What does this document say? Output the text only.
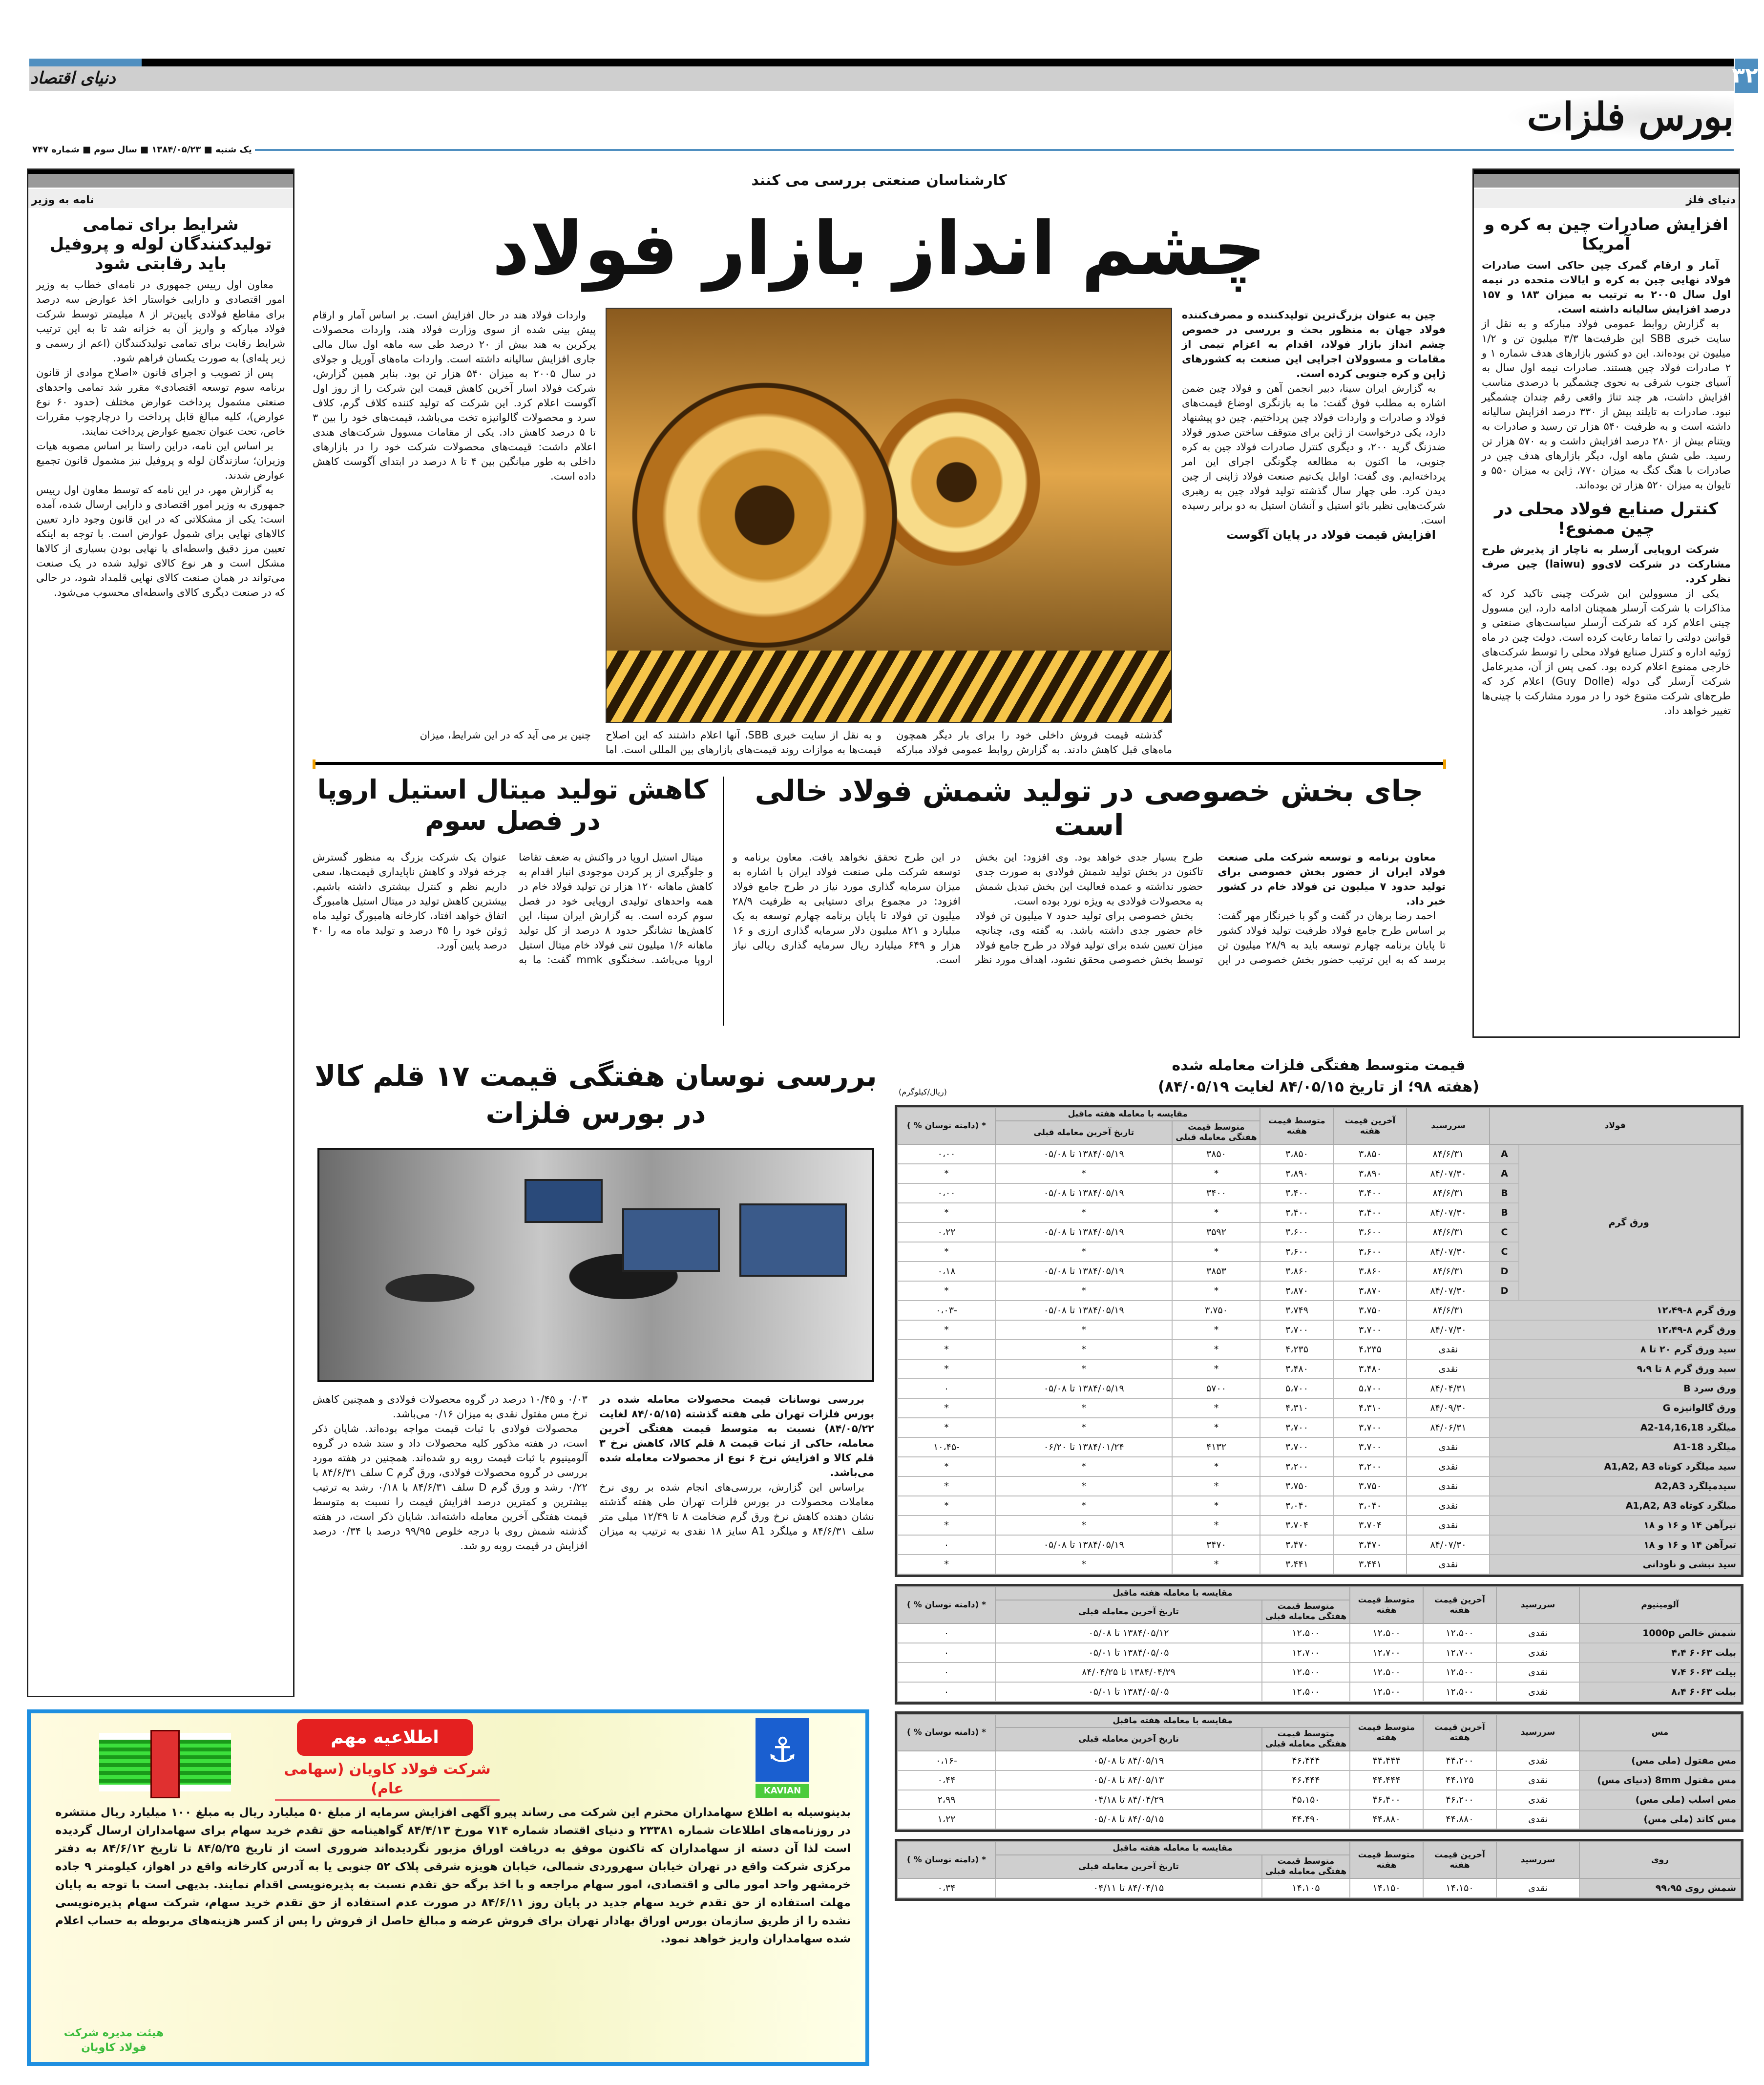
۳۲
دنیای اقتصاد
بورس فلزات
یک شنبه ■ ۱۳۸۴/۰۵/۲۳ ■ سال سوم ■ شماره ۷۴۷
دنیای فلز
افزایش صادرات چین به کره و آمریکا

آمار و ارقام گمرک چین حاکی است صادرات فولاد نهایی چین به کره و ایالات متحده در نیمه اول سال ۲۰۰۵ به ترتیب به میزان ۱۸۳ و ۱۵۷ درصد افزایش سالیانه داشته است.

به گزارش روابط عمومی فولاد مبارکه و به نقل از سایت خبری SBB این ظرفیت‌ها ۳/۳ میلیون تن و ۱/۲ میلیون تن بوده‌اند. این دو کشور بازارهای هدف شماره ۱ و ۲ صادرات فولاد چین هستند. صادرات نیمه اول سال به آسیای جنوب شرقی به نحوی چشمگیر با درصدی مناسب افزایش داشت، هر چند تناژ واقعی رقم چندان چشمگیر نبود. صادرات به تایلند بیش از ۳۳۰ درصد افزایش سالیانه داشته است و به ظرفیت ۵۴۰ هزار تن رسید و صادرات به ویتنام بیش از ۲۸۰ درصد افزایش داشت و به ۵۷۰ هزار تن رسید. طی شش ماهه اول، دیگر بازارهای هدف چین در صادرات با هنگ کنگ به میزان ۷۷۰، ژاپن به میزان ۵۵۰ و تایوان به میزان ۵۲۰ هزار تن بوده‌اند.

کنترل صنایع فولاد محلی در چین ممنوع!

شرکت اروپایی آرسلر به ناچار از پذیرش طرح مشارکت در شرکت لای‌وو (laiwu) چین صرف نظر کرد.

یکی از مسوولین این شرکت چینی تاکید کرد که مذاکرات با شرکت آرسلر همچنان ادامه دارد، این مسوول چینی اعلام کرد که شرکت آرسلر سیاست‌های صنعتی و قوانین دولتی را تماما رعایت کرده است. دولت چین در ماه ژوئیه اداره و کنترل صنایع فولاد محلی را توسط شرکت‌های خارجی ممنوع اعلام کرده بود. کمی پس از آن، مدیرعامل شرکت آرسلر گی دوله (Guy Dolle) اعلام کرد که طرح‌های شرکت متنوع خود را در مورد مشارکت با چینی‌ها تغییر خواهد داد.

نامه به وزیر
شرایط برای تمامی تولیدکنندگان لوله و پروفیل باید رقابتی شود

معاون اول رییس جمهوری در نامه‌ای خطاب به وزیر امور اقتصادی و دارایی خواستار اخذ عوارض سه درصد برای مقاطع فولادی پایین‌تر از ۸ میلیمتر توسط شرکت فولاد مبارکه و واریز آن به خزانه شد تا به این ترتیب شرایط رقابت برای تمامی تولیدکنندگان (اعم از رسمی و زیر پله‌ای) به صورت یکسان فراهم شود.

پس از تصویب و اجرای قانون «اصلاح موادی از قانون برنامه سوم توسعه اقتصادی» مقرر شد تمامی واحدهای صنعتی مشمول پرداخت عوارض مختلف (حدود ۶۰ نوع عوارض)، کلیه مبالغ قابل پرداخت را درچارچوب مقررات خاص، تحت عنوان تجمیع عوارض پرداخت نمایند.

بر اساس این نامه، دراین راستا بر اساس مصوبه هیات وزیران؛ سازندگان لوله و پروفیل نیز مشمول قانون تجمیع عوارض شدند.

به گزارش مهر، در این نامه که توسط معاون اول رییس جمهوری به وزیر امور اقتصادی و دارایی ارسال شده، آمده است: یکی از مشکلاتی که در این قانون وجود دارد تعیین کالاهای نهایی برای شمول عوارض است. با توجه به اینکه تعیین مرز دقیق واسطه‌ای یا نهایی بودن بسیاری از کالاها مشکل است و هر نوع کالای تولید شده در یک صنعت می‌تواند در همان صنعت کالای نهایی قلمداد شود، در حالی که در صنعت دیگری کالای واسطه‌ای محسوب می‌شود.

کارشناسان صنعتی بررسی می کنند
چشم انداز بازار فولاد

چین به عنوان بزرگ‌ترین تولیدکننده و مصرف‌کننده فولاد جهان به منظور بحث و بررسی در خصوص چشم انداز بازار فولاد، اقدام به اعزام تیمی از مقامات و مسوولان اجرایی این صنعت به کشورهای ژاپن و کره جنوبی کرده است.

به گزارش ایران سینا، دبیر انجمن آهن و فولاد چین ضمن اشاره به مطلب فوق گفت: ما به بازنگری اوضاع قیمت‌های فولاد و صادرات و واردات فولاد چین پرداختیم. چین دو پیشنهاد دارد، یکی درخواست از ژاپن برای متوقف ساختن صدور فولاد ضدزنگ گرید ۲۰۰، و دیگری کنترل صادرات فولاد چین به کره جنوبی، ما اکنون به مطالعه چگونگی اجرای این امر پرداخته‌ایم. وی گفت: اوایل یک‌تیم صنعت فولاد ژاپنی از چین دیدن کرد. طی چهار سال گذشته تولید فولاد چین به رهبری شرکت‌هایی نظیر بائو استیل و آنشان استیل به دو برابر رسیده است.

افزایش قیمت فولاد در پایان آگوست

واردات فولاد هند در حال افزایش است. بر اساس آمار و ارقام پیش بینی شده از سوی وزارت فولاد هند، واردات محصولات پرکربن به هند بیش از ۲۰ درصد طی سه ماهه اول سال مالی جاری افزایش سالیانه داشته است. واردات ماه‌های آوریل و جولای در سال ۲۰۰۵ به میزان ۵۴۰ هزار تن بود. بنابر همین گزارش، شرکت فولاد اسار آخرین کاهش قیمت این شرکت را از روز اول آگوست اعلام کرد. این شرکت که تولید کننده کلاف گرم، کلاف سرد و محصولات گالوانیزه تخت می‌باشد، قیمت‌های خود را بین ۳ تا ۵ درصد کاهش داد. یکی از مقامات مسوول شرکت‌های هندی اعلام داشت: قیمت‌های محصولات شرکت خود را در بازارهای داخلی به طور میانگین بین ۴ تا ۸ درصد در ابتدای آگوست کاهش داده است.

گذشته قیمت فروش داخلی خود را برای بار دیگر همچون ماه‌های قبل کاهش دادند. به گزارش روابط عمومی فولاد مبارکه و به نقل از سایت خبری SBB، آنها اعلام داشتند که این اصلاح قیمت‌ها به موازات روند قیمت‌های بازارهای بین المللی است. اما چنین بر می آید که در این شرایط، میزان

جای بخش خصوصی در تولید شمش فولاد خالی است

معاون برنامه و توسعه شرکت ملی صنعت فولاد ایران از حضور بخش خصوصی برای تولید حدود ۷ میلیون تن فولاد خام در کشور خبر داد.

احمد رضا برهان در گفت و گو با خبرنگار مهر گفت: بر اساس طرح جامع فولاد ظرفیت تولید فولاد کشور تا پایان برنامه چهارم توسعه باید به ۲۸/۹ میلیون تن برسد که به این ترتیب حضور بخش خصوصی در این طرح بسیار جدی خواهد بود. وی افزود: این بخش تاکنون در بخش تولید شمش فولادی به صورت جدی حضور نداشته و عمده فعالیت این بخش تبدیل شمش به محصولات فولادی به ویژه نورد بوده است.

بخش خصوصی برای تولید حدود ۷ میلیون تن فولاد خام حضور جدی داشته باشد. به گفته وی، چنانچه میزان تعیین شده برای تولید فولاد در طرح جامع فولاد توسط بخش خصوصی محقق نشود، اهداف مورد نظر در این طرح تحقق نخواهد یافت. معاون برنامه و توسعه شرکت ملی صنعت فولاد ایران با اشاره به میزان سرمایه گذاری مورد نیاز در طرح جامع فولاد افزود: در مجموع برای دستیابی به ظرفیت ۲۸/۹ میلیون تن فولاد تا پایان برنامه چهارم توسعه به یک میلیارد و ۸۲۱ میلیون دلار سرمایه گذاری ارزی و ۱۶ هزار و ۶۴۹ میلیارد ریال سرمایه گذاری ریالی نیاز است.

کاهش تولید میتال استیل اروپا در فصل سوم

میتال استیل اروپا در واکنش به ضعف تقاضا و جلوگیری از پر کردن موجودی انبار اقدام به کاهش ماهانه ۱۲۰ هزار تن تولید فولاد خام در همه واحدهای تولیدی اروپایی خود در فصل سوم کرده است. به گزارش ایران سینا، این کاهش‌ها تشانگر حدود ۸ درصد از کل تولید ماهانه ۱/۶ میلیون تنی فولاد خام میتال استیل اروپا می‌باشد. سخنگوی mmk گفت: ما به عنوان یک شرکت بزرگ به منظور گسترش چرخه فولاد و کاهش ناپایداری قیمت‌ها، سعی داریم نظم و کنترل بیشتری داشته باشیم. بیشترین کاهش تولید در میتال استیل هامبورگ اتفاق خواهد افتاد، کارخانه هامبورگ تولید ماه ژوئن خود را ۴۵ درصد و تولید ماه مه را ۴۰ درصد پایین آورد.

بررسی نوسان هفتگی قیمت ۱۷ قلم کالا در بورس فلزات

بررسی نوسانات قیمت محصولات معامله شده در بورس فلزات تهران طی هفته گذشته (۸۴/۰۵/۱۵ لغایت ۸۴/۰۵/۲۲) نسبت به متوسط قیمت هفتگی آخرین معامله، حاکی از ثبات قیمت ۸ قلم کالا، کاهش نرخ ۳ قلم کالا و افزایش نرخ ۶ نوع از محصولات معامله شده می‌باشد.

براساس این گزارش، بررسی‌های انجام شده بر روی نرخ معاملات محصولات در بورس فلزات تهران طی هفته گذشته نشان دهنده کاهش نرخ ورق گرم ضخامت ۸ تا ۱۲/۴۹ میلی متر سلف ۸۴/۶/۳۱ و میلگرد A1 سایز ۱۸ نقدی به ترتیب به میزان ۰/۰۳ و ۱۰/۴۵ درصد در گروه محصولات فولادی و همچنین کاهش نرخ مس مفتول نقدی به میزان ۰/۱۶ می‌باشد.

محصولات فولادی با ثبات قیمت مواجه بوده‌اند. شایان ذکر است، در هفته مذکور کلیه محصولات داد و ستد شده در گروه آلومینیوم با ثبات قیمت روبه رو شده‌اند. همچنین در هفته مورد بررسی در گروه محصولات فولادی، ورق گرم C سلف ۸۴/۶/۳۱ با ۰/۲۲ رشد و ورق گرم D سلف ۸۴/۶/۳۱ با ۰/۱۸ رشد به ترتیب بیشترین و کمترین درصد افزایش قیمت را نسبت به متوسط قیمت هفتگی آخرین معامله داشته‌اند. شایان ذکر است، در هفته گذشته شمش روی با درجه خلوص ۹۹/۹۵ درصد با ۰/۳۴ درصد افزایش در قیمت روبه رو شد.

قیمت متوسط هفتگی فلزات معامله شده
(هفته ۹۸؛ از تاریخ ۸۴/۰۵/۱۵ لغایت ۸۴/۰۵/۱۹)
(ریال/کیلوگرم)
فولاد		سررسید	آخرین قیمت هفته	متوسط قیمت هفته	مقایسه با معامله هفته ماقبل		* (دامنه نوسان % )
					متوسط قیمت هفتگی معامله قبلی	تاریخ آخرین معامله قبلی	
ورق گرم	A	۸۴/۶/۳۱	۳،۸۵۰	۳،۸۵۰	۳۸۵۰	۱۳۸۴/۰۵/۱۹ تا ۰۵/۰۸	۰،۰۰
	A	۸۴/۰۷/۳۰	۳،۸۹۰	۳،۸۹۰	*	*	*
	B	۸۴/۶/۳۱	۳،۴۰۰	۳،۴۰۰	۳۴۰۰	۱۳۸۴/۰۵/۱۹ تا ۰۵/۰۸	۰،۰۰
	B	۸۴/۰۷/۳۰	۳،۴۰۰	۳،۴۰۰	*	*	*
	C	۸۴/۶/۳۱	۳،۶۰۰	۳،۶۰۰	۳۵۹۲	۱۳۸۴/۰۵/۱۹ تا ۰۵/۰۸	۰،۲۲
	C	۸۴/۰۷/۳۰	۳،۶۰۰	۳،۶۰۰	*	*	*
	D	۸۴/۶/۳۱	۳،۸۶۰	۳،۸۶۰	۳۸۵۳	۱۳۸۴/۰۵/۱۹ تا ۰۵/۰۸	۰،۱۸
	D	۸۴/۰۷/۳۰	۳،۸۷۰	۳،۸۷۰	*	*	*
ورق گرم ۸-۱۲،۴۹		۸۴/۶/۳۱	۳،۷۵۰	۳،۷۴۹	۳،۷۵۰	۱۳۸۴/۰۵/۱۹ تا ۰۵/۰۸	-۰،۰۳
ورق گرم ۸-۱۲،۴۹		۸۴/۰۷/۳۰	۳،۷۰۰	۳،۷۰۰	*	*	*
سید ورق گرم ۲۰ تا ۸		نقدی	۴،۲۳۵	۴،۲۳۵	*	*	*
سید ورق گرم ۸ تا ۹،۹		نقدی	۳،۴۸۰	۳،۴۸۰	*	*	*
ورق سرد B		۸۴/۰۴/۳۱	۵،۷۰۰	۵،۷۰۰	۵۷۰۰	۱۳۸۴/۰۵/۱۹ تا ۰۵/۰۸	۰
ورق گالوانیزه G		۸۴/۰۹/۳۰	۴،۳۱۰	۴،۳۱۰	*	*	*
میلگرد A2-14,16,18		۸۴/۰۶/۳۱	۳،۷۰۰	۳،۷۰۰	*	*	*
میلگرد A1-18		نقدی	۳،۷۰۰	۳،۷۰۰	۴۱۳۲	۱۳۸۴/۰۱/۲۴ تا ۰۶/۲۰	-۱۰،۴۵
سید میلگرد کوتاه A1,A2, A3		نقدی	۳،۲۰۰	۳،۲۰۰	*	*	*
سیدمیلگرد A2,A3		نقدی	۳،۷۵۰	۳،۷۵۰	*	*	*
میلگرد کوتاه A1,A2, A3		نقدی	۳،۰۴۰	۳،۰۴۰	*	*	*
تیرآهن ۱۴ و ۱۶ و ۱۸		نقدی	۳،۷۰۴	۳،۷۰۴	*	*	*
تیرآهن ۱۴ و ۱۶ و ۱۸		۸۴/۰۷/۳۰	۳،۴۷۰	۳،۴۷۰	۳۴۷۰	۱۳۸۴/۰۵/۱۹ تا ۰۵/۰۸	۰
سید نبشی و ناودانی		نقدی	۳،۴۴۱	۳،۴۴۱	*	*	*
آلومینیوم	سررسید	آخرین قیمت هفته	متوسط قیمت هفته	مقایسه با معامله هفته ماقبل		* (دامنه نوسان % )
				متوسط قیمت هفتگی معامله قبلی	تاریخ آخرین معامله قبلی	
شمش خالص 1000p	نقدی	۱۲،۵۰۰	۱۲،۵۰۰	۱۲،۵۰۰	۱۳۸۴/۰۵/۱۲ تا ۰۵/۰۸	۰
بیلت ۶۰۶۳ ۴،۴	نقدی	۱۲،۷۰۰	۱۲،۷۰۰	۱۲،۷۰۰	۱۳۸۴/۰۵/۰۵ تا ۰۵/۰۱	۰
بیلت ۶۰۶۳ ۷،۴	نقدی	۱۲،۵۰۰	۱۲،۵۰۰	۱۲،۵۰۰	۱۳۸۴/۰۴/۲۹ تا ۸۴/۰۴/۲۵	۰
بیلت ۶۰۶۳ ۸،۴	نقدی	۱۲،۵۰۰	۱۲،۵۰۰	۱۲،۵۰۰	۱۳۸۴/۰۵/۰۵ تا ۰۵/۰۱	۰
مس	سررسید	آخرین قیمت هفته	متوسط قیمت هفته	مقایسه با معامله هفته ماقبل		* (دامنه نوسان % )
				متوسط قیمت هفتگی معامله قبلی	تاریخ آخرین معامله قبلی	
مس مفتول (ملی مس)	نقدی	۴۴،۲۰۰	۴۴،۴۴۴	۴۶،۴۴۴	۸۴/۰۵/۱۹ تا ۰۵/۰۸	-۰،۱۶
مس مفتول 8mm (دنیای مس)	نقدی	۴۴،۱۲۵	۴۴،۴۴۴	۴۶،۴۴۴	۸۴/۰۵/۱۳ تا ۰۵/۰۸	۰،۴۴
مس اسلب (ملی مس)	نقدی	۴۶،۲۰۰	۴۶،۴۰۰	۴۵،۱۵۰	۸۴/۰۴/۲۹ تا ۰۴/۱۸	۲،۹۹
مس کاتد (ملی مس)	نقدی	۴۴،۸۸۰	۴۴،۸۸۰	۴۴،۴۹۰	۸۴/۰۵/۱۵ تا ۰۵/۰۸	۱،۲۲
روی	سررسید	آخرین قیمت هفته	متوسط قیمت هفته	مقایسه با معامله هفته ماقبل		* (دامنه نوسان % )
				متوسط قیمت هفتگی معامله قبلی	تاریخ آخرین معامله قبلی	
شمش روی ۹۹،۹۵	نقدی	۱۴،۱۵۰	۱۴،۱۵۰	۱۴،۱۰۵	۸۴/۰۴/۱۵ تا ۰۴/۱۱	۰،۳۴
⚓
KAVIAN
اطلاعیه مهم
شرکت فولاد کاویان (سهامی عام)
بدینوسیله به اطلاع سهامداران محترم این شرکت می رساند پیرو آگهی افزایش سرمایه از مبلغ ۵۰ میلیارد ریال به مبلغ ۱۰۰ میلیارد ریال منتشره در روزنامه‌های اطلاعات شماره ۲۳۳۸۱ و دنیای اقتصاد شماره ۷۱۴ مورخ ۸۴/۴/۱۳ گواهینامه حق تقدم خرید سهام برای سهامداران ارسال گردیده است لذا آن دسته از سهامداران که تاکنون موفق به دریافت اوراق مزبور نگردیده‌اند ضروری است از تاریخ ۸۴/۵/۲۵ تا تاریخ ۸۴/۶/۱۲ به دفتر مرکزی شرکت واقع در تهران خیابان سهروردی شمالی، خیابان هویزه شرقی پلاک ۵۲ جنوبی یا به آدرس کارخانه واقع در اهواز، کیلومتر ۹ جاده خرمشهر واحد امور مالی و اقتصادی، امور سهام مراجعه و با اخذ برگه حق تقدم نسبت به پذیره‌نویسی اقدام نمایند. بدیهی است با توجه به پایان مهلت استفاده از حق تقدم خرید سهام جدید در پایان روز ۸۴/۶/۱۱ در صورت عدم استفاده از حق تقدم خرید سهام، شرکت سهام پذیره‌نویسی نشده را از طریق سازمان بورس اوراق بهادار تهران برای فروش عرضه و مبالغ حاصل از فروش را پس از کسر هزینه‌های مربوطه به حساب اعلام شده سهامداران واریز خواهد نمود.
هیئت مدیره شرکت فولاد کاویان
